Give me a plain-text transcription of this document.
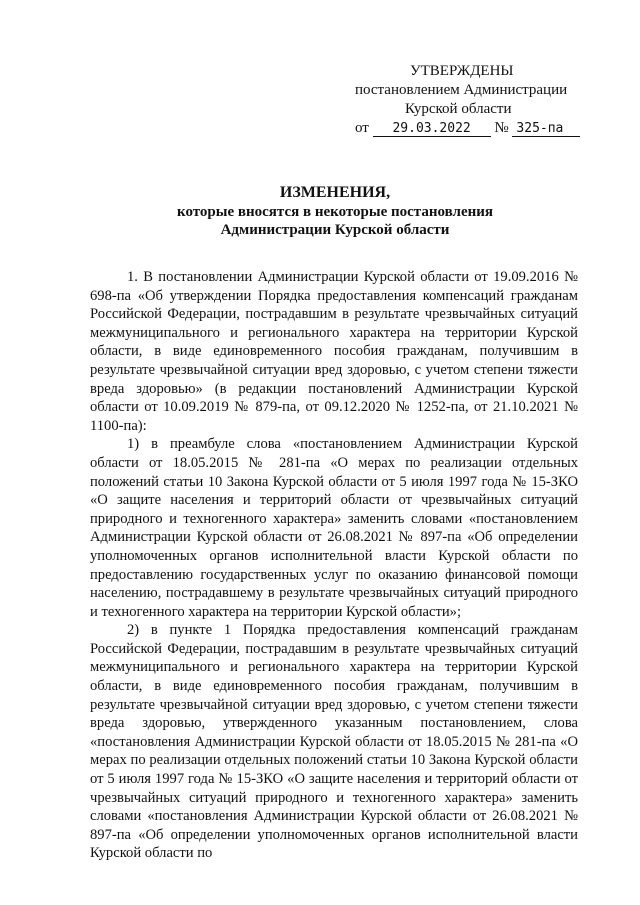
УТВЕРЖДЕНЫ
постановлением Администрации
Курской области
от 29.03.2022 № 325-па
ИЗМЕНЕНИЯ,
которые вносятся в некоторые постановления
Администрации Курской области

1. В постановлении Администрации Курской области от 19.09.2016 № 698-па «Об утверждении Порядка предоставления компенсаций гражданам Российской Федерации, пострадавшим в результате чрезвычайных ситуаций межмуниципального и регионального характера на территории Курской области, в виде единовременного пособия гражданам, получившим в результате чрезвычайной ситуации вред здоровью, с учетом степени тяжести вреда здоровью» (в редакции постановлений Администрации Курской области от 10.09.2019 № 879-па, от 09.12.2020 № 1252-па, от 21.10.2021 № 1100-па):

1) в преамбуле слова «постановлением Администрации Курской области от 18.05.2015 № 281-па «О мерах по реализации отдельных положений статьи 10 Закона Курской области от 5 июля 1997 года № 15-ЗКО «О защите населения и территорий области от чрезвычайных ситуаций природного и техногенного характера» заменить словами «постановлением Администрации Курской области от 26.08.2021 № 897-па «Об определении уполномоченных органов исполнительной власти Курской области по предоставлению государственных услуг по оказанию финансовой помощи населению, пострадавшему в результате чрезвычайных ситуаций природного и техногенного характера на территории Курской области»;

2) в пункте 1 Порядка предоставления компенсаций гражданам Российской Федерации, пострадавшим в результате чрезвычайных ситуаций межмуниципального и регионального характера на территории Курской области, в виде единовременного пособия гражданам, получившим в результате чрезвычайной ситуации вред здоровью, с учетом степени тяжести вреда здоровью, утвержденного указанным постановлением, слова «постановления Администрации Курской области от 18.05.2015 № 281-па «О мерах по реализации отдельных положений статьи 10 Закона Курской области от 5 июля 1997 года № 15-ЗКО «О защите населения и территорий области от чрезвычайных ситуаций природного и техногенного характера» заменить словами «постановления Администрации Курской области от 26.08.2021 № 897-па «Об определении уполномоченных органов исполнительной власти Курской области по
